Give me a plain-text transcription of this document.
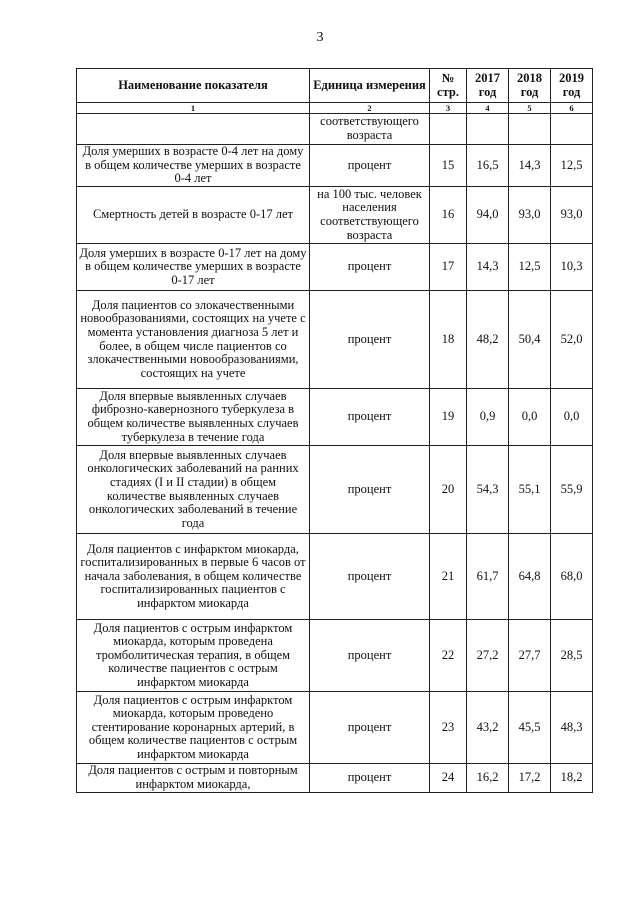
3
Наименование показателя	Единица измерения	№ стр.	2017 год	2018 год	2019 год
1	2	3	4	5	6
	соответствующего возраста				
Доля умерших в возрасте 0-4 лет на дому в общем количестве умерших в возрасте 0-4 лет	процент	15	16,5	14,3	12,5
Смертность детей в возрасте 0-17 лет	на 100 тыс. человек населения соответствующего возраста	16	94,0	93,0	93,0
Доля умерших в возрасте 0-17 лет на дому в общем количестве умерших в возрасте 0-17 лет	процент	17	14,3	12,5	10,3
Доля пациентов со злокачественными новообразованиями, состоящих на учете с момента установления диагноза 5 лет и более, в общем числе пациентов со злокачественными новообразованиями, состоящих на учете	процент	18	48,2	50,4	52,0
Доля впервые выявленных случаев фиброзно-кавернозного туберкулеза в общем количестве выявленных случаев туберкулеза в течение года	процент	19	0,9	0,0	0,0
Доля впервые выявленных случаев онкологических заболеваний на ранних стадиях (I и II стадии) в общем количестве выявленных случаев онкологических заболеваний в течение года	процент	20	54,3	55,1	55,9
Доля пациентов с инфарктом миокарда, госпитализированных в первые 6 часов от начала заболевания, в общем количестве госпитализированных пациентов с инфарктом миокарда	процент	21	61,7	64,8	68,0
Доля пациентов с острым инфарктом миокарда, которым проведена тромболитическая терапия, в общем количестве пациентов с острым инфарктом миокарда	процент	22	27,2	27,7	28,5
Доля пациентов с острым инфарктом миокарда, которым проведено стентирование коронарных артерий, в общем количестве пациентов с острым инфарктом миокарда	процент	23	43,2	45,5	48,3
Доля пациентов с острым и повторным инфарктом миокарда,	процент	24	16,2	17,2	18,2
